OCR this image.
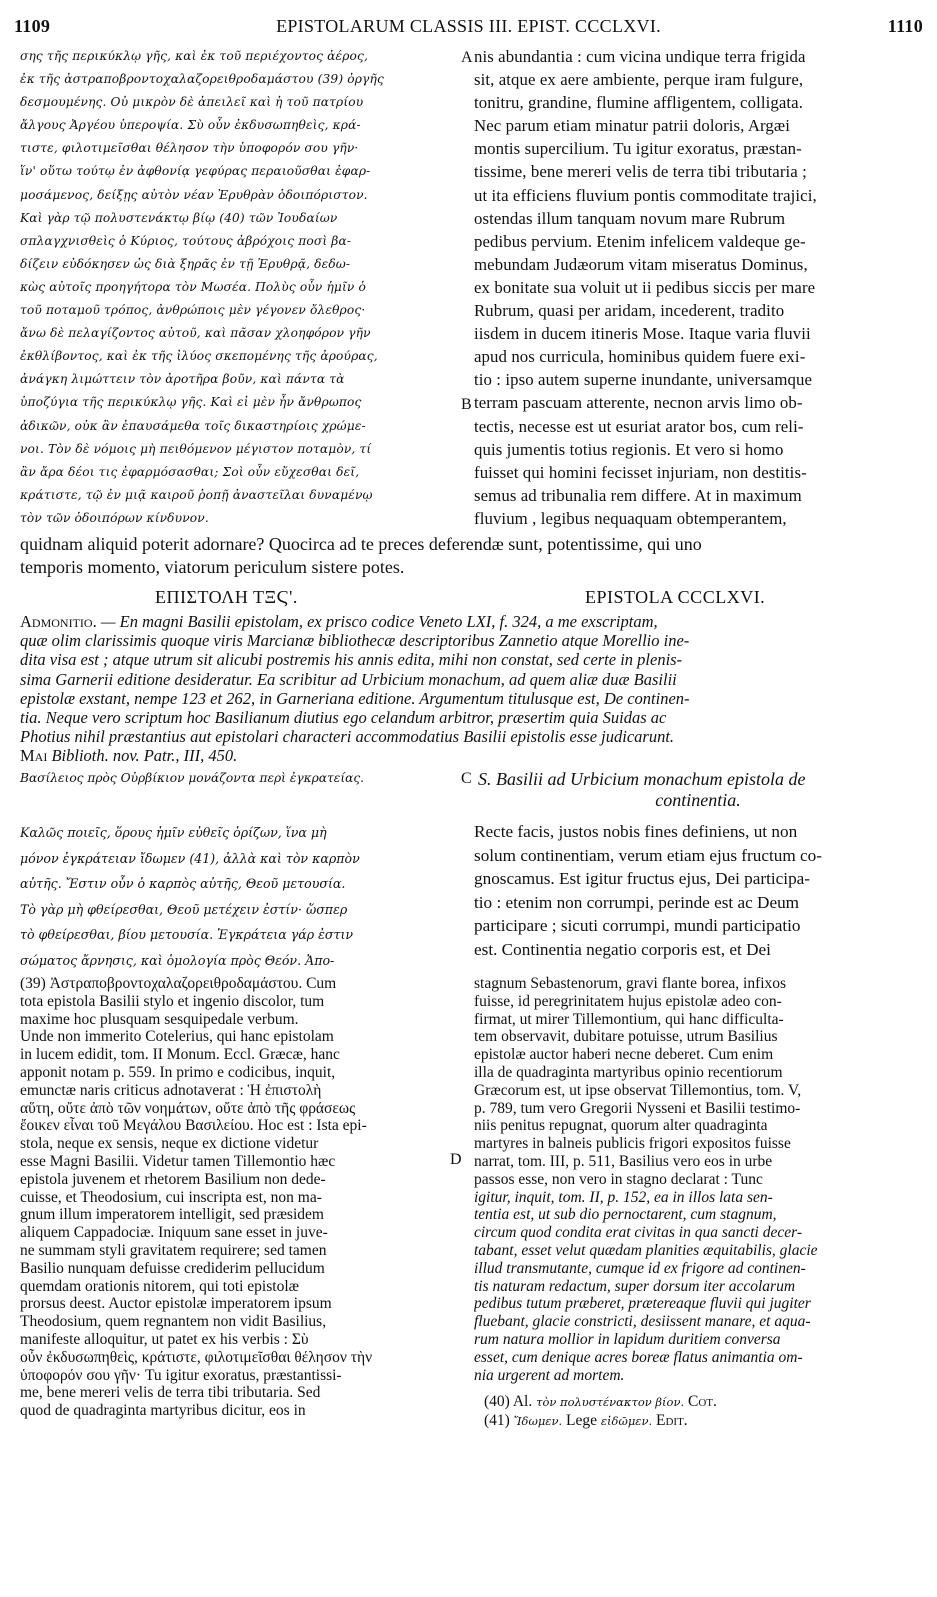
1109	EPISTOLARUM CLASSIS III. EPIST. CCCLXVI.	1110
σης τῆς περικύκλῳ γῆς, καὶ ἐκ τοῦ περιέχοντος ἀέρος,
ἐκ τῆς ἀστραποβροντοχαλαζορειθροδαμάστου (39) ὀργῆς
δεσμουμένης. Οὐ μικρὸν δὲ ἀπειλεῖ καὶ ἡ τοῦ πατρίου
ἄλγους Ἀργέου ὑπεροψία. Σὺ οὖν ἐκδυσωπηθεὶς, κρά-
τιστε, φιλοτιμεῖσθαι θέλησον τὴν ὑποφορόν σου γῆν·
ἵν' οὕτω τούτῳ ἐν ἀφθονίᾳ γεφύρας περαιοῦσθαι ἐφαρ-
μοσάμενος, δείξῃς αὐτὸν νέαν Ἐρυθρὰν ὁδοιπόριστον.
Καὶ γὰρ τῷ πολυστενάκτῳ βίῳ (40) τῶν Ἰουδαίων
σπλαγχνισθεὶς ὁ Κύριος, τούτους ἀβρόχοις ποσὶ βα-
δίζειν εὐδόκησεν ὡς διὰ ξηρᾶς ἐν τῇ Ἐρυθρᾷ, δεδω-
κὼς αὐτοῖς προηγήτορα τὸν Μωσέα. Πολὺς οὖν ἡμῖν ὁ
τοῦ ποταμοῦ τρόπος, ἀνθρώποις μὲν γέγονεν ὄλεθρος·
ἄνω δὲ πελαγίζοντος αὐτοῦ, καὶ πᾶσαν χλοηφόρον γῆν
ἐκθλίβοντος, καὶ ἐκ τῆς ἰλύος σκεπομένης τῆς ἀρούρας,
ἀνάγκη λιμώττειν τὸν ἀροτῆρα βοῦν, καὶ πάντα τὰ
ὑποζύγια τῆς περικύκλῳ γῆς. Καὶ εἰ μὲν ἦν ἄνθρωπος
ἀδικῶν, οὐκ ἂν ἐπαυσάμεθα τοῖς δικαστηρίοις χρώμε-
νοι. Τὸν δὲ νόμοις μὴ πειθόμενον μέγιστον ποταμὸν, τί
ἂν ἄρα δέοι τις ἐφαρμόσασθαι; Σοὶ οὖν εὔχεσθαι δεῖ,
κράτιστε, τῷ ἐν μιᾷ καιροῦ ῥοπῇ ἀναστεῖλαι δυναμένῳ
τὸν τῶν ὁδοιπόρων κίνδυνον.
nis abundantia : cum vicina undique terra frigida
sit, atque ex aere ambiente, perque iram fulgure,
tonitru, grandine, flumine affligentem, colligata.
Nec parum etiam minatur patrii doloris, Argæi
montis supercilium. Tu igitur exoratus, præstan-
tissime, bene mereri velis de terra tibi tributaria ;
ut ita efficiens fluvium pontis commoditate trajici,
ostendas illum tanquam novum mare Rubrum
pedibus pervium. Etenim infelicem valdeque ge-
mebundam Judæorum vitam miseratus Dominus,
ex bonitate sua voluit ut ii pedibus siccis per mare
Rubrum, quasi per aridam, incederent, tradito
iisdem in ducem itineris Mose. Itaque varia fluvii
apud nos curricula, hominibus quidem fuere exi-
tio : ipso autem superne inundante, universamque
terram pascuam atterente, necnon arvis limo ob-
tectis, necesse est ut esuriat arator bos, cum reli-
quis jumentis totius regionis. Et vero si homo
fuisset qui homini fecisset injuriam, non destitis-
semus ad tribunalia rem differe. At in maximum
fluvium , legibus nequaquam obtemperantem,
A
B
quidnam aliquid poterit adornare? Quocirca ad te preces deferendæ sunt, potentissime, qui uno
temporis momento, viatorum periculum sistere potes.
ΕΠΙΣΤΟΛΗ ΤΞϚ'.	EPISTOLA CCCLXVI.
Admonitio. — En magni Basilii epistolam, ex prisco codice Veneto LXI, f. 324, a me exscriptam,
quæ olim clarissimis quoque viris Marcianæ bibliothecæ descriptoribus Zannetio atque Morellio ine-
dita visa est ; atque utrum sit alicubi postremis his annis edita, mihi non constat, sed certe in plenis-
sima Garnerii editione desideratur. Ea scribitur ad Urbicium monachum, ad quem aliæ duæ Basilii
epistolæ exstant, nempe 123 et 262, in Garneriana editione. Argumentum titulusque est, De continen-
tia. Neque vero scriptum hoc Basilianum diutius ego celandum arbitror, præsertim quia Suidas ac
Photius nihil præstantius aut epistolari characteri accommodatius Basilii epistolis esse judicarunt.
Mai Biblioth. nov. Patr., III, 450.
Βασίλειος πρὸς Οὐρβίκιον μονάζοντα περὶ ἐγκρατείας.	C S. Basilii ad Urbicium monachum epistola de
continentia.
Καλῶς ποιεῖς, ὅρους ἡμῖν εὐθεῖς ὁρίζων, ἵνα μὴ
μόνον ἐγκράτειαν ἴδωμεν (41), ἀλλὰ καὶ τὸν καρπὸν
αὐτῆς. Ἔστιν οὖν ὁ καρπὸς αὐτῆς, Θεοῦ μετουσία.
Τὸ γὰρ μὴ φθείρεσθαι, Θεοῦ μετέχειν ἐστίν· ὥσπερ
τὸ φθείρεσθαι, βίου μετουσία. Ἐγκράτεια γάρ ἐστιν
σώματος ἄρνησις, καὶ ὁμολογία πρὸς Θεόν. Ἀπο-
Recte facis, justos nobis fines definiens, ut non
solum continentiam, verum etiam ejus fructum co-
gnoscamus. Est igitur fructus ejus, Dei participa-
tio : etenim non corrumpi, perinde est ac Deum
participare ; sicuti corrumpi, mundi participatio
est. Continentia negatio corporis est, et Dei
(39) Ἀστραποβροντοχαλαζορειθροδαμάστου. Cum
tota epistola Basilii stylo et ingenio discolor, tum
maxime hoc plusquam sesquipedale verbum.
Unde non immerito Cotelerius, qui hanc epistolam
in lucem edidit, tom. II Monum. Eccl. Græcæ, hanc
apponit notam p. 559. In primo e codicibus, inquit,
emunctæ naris criticus adnotaverat : Ἡ ἐπιστολὴ
αὕτη, οὔτε ἀπὸ τῶν νοημάτων, οὔτε ἀπὸ τῆς φράσεως
ἔοικεν εἶναι τοῦ Μεγάλου Βασιλείου. Hoc est : Ista epi-
stola, neque ex sensis, neque ex dictione videtur
esse Magni Basilii. Videtur tamen Tillemontio hæc
epistola juvenem et rhetorem Basilium non dede-
cuisse, et Theodosium, cui inscripta est, non ma-
gnum illum imperatorem intelligit, sed præsidem
aliquem Cappadociæ. Iniquum sane esset in juve-
ne summam styli gravitatem requirere; sed tamen
Basilio nunquam defuisse crediderim pellucidum
quemdam orationis nitorem, qui toti epistolæ
prorsus deest. Auctor epistolæ imperatorem ipsum
Theodosium, quem regnantem non vidit Basilius,
manifeste alloquitur, ut patet ex his verbis : Σὺ
οὖν ἐκδυσωπηθεὶς, κράτιστε, φιλοτιμεῖσθαι θέλησον τὴν
ὑποφορόν σου γῆν· Tu igitur exoratus, præstantissi-
me, bene mereri velis de terra tibi tributaria. Sed
quod de quadraginta martyribus dicitur, eos in
stagnum Sebastenorum, gravi flante borea, infixos
fuisse, id peregrinitatem hujus epistolæ adeo con-
firmat, ut mirer Tillemontium, qui hanc difficulta-
tem observavit, dubitare potuisse, utrum Basilius
epistolæ auctor haberi necne deberet. Cum enim
illa de quadraginta martyribus opinio recentiorum
Græcorum est, ut ipse observat Tillemontius, tom. V,
p. 789, tum vero Gregorii Nysseni et Basilii testimo-
niis penitus repugnat, quorum alter quadraginta
martyres in balneis publicis frigori expositos fuisse
narrat, tom. III, p. 511, Basilius vero eos in urbe
passos esse, non vero in stagno declarat : Tunc
igitur, inquit, tom. II, p. 152, ea in illos lata sen-
tentia est, ut sub dio pernoctarent, cum stagnum,
circum quod condita erat civitas in qua sancti decer-
tabant, esset velut quædam planities æquitabilis, glacie
illud transmutante, cumque id ex frigore ad continen-
tis naturam redactum, super dorsum iter accolarum
pedibus tutum præberet, prætereaque fluvii qui jugiter
fluebant, glacie constricti, desiissent manare, et aqua-
rum natura mollior in lapidum duritiem conversa
esset, cum denique acres boreæ flatus animantia om-
nia urgerent ad mortem.
D
(40) Al. τὸν πολυστένακτον βίον. Cot.
(41) Ἴδωμεν. Lege εἰδῶμεν. Edit.
